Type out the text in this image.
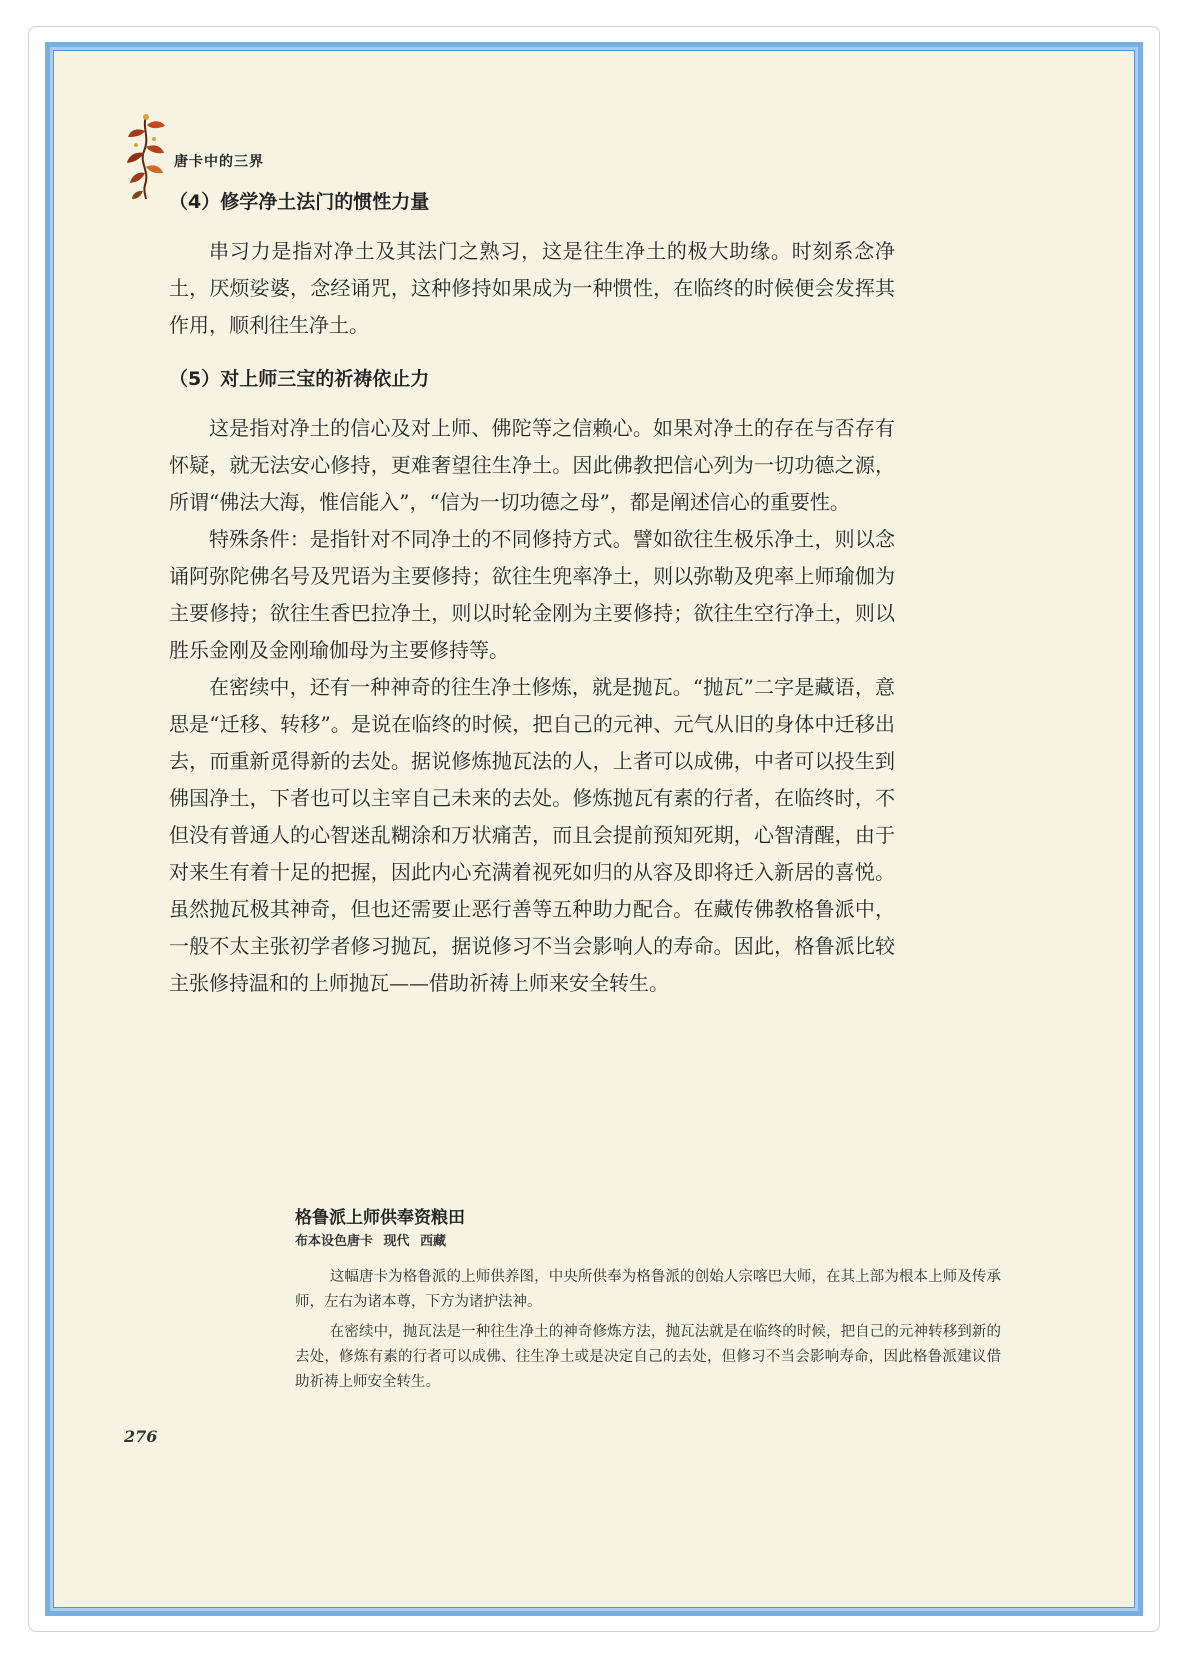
唐卡中的三界
（4）修学净土法门的惯性力量

串习力是指对净土及其法门之熟习，这是往生净土的极大助缘。时刻系念净土，厌烦娑婆，念经诵咒，这种修持如果成为一种惯性，在临终的时候便会发挥其作用，顺利往生净土。

（5）对上师三宝的祈祷依止力

这是指对净土的信心及对上师、佛陀等之信赖心。如果对净土的存在与否存有怀疑，就无法安心修持，更难奢望往生净土。因此佛教把信心列为一切功德之源，所谓“佛法大海，惟信能入”，“信为一切功德之母”，都是阐述信心的重要性。

特殊条件：是指针对不同净土的不同修持方式。譬如欲往生极乐净土，则以念诵阿弥陀佛名号及咒语为主要修持；欲往生兜率净土，则以弥勒及兜率上师瑜伽为主要修持；欲往生香巴拉净土，则以时轮金刚为主要修持；欲往生空行净土，则以胜乐金刚及金刚瑜伽母为主要修持等。

在密续中，还有一种神奇的往生净土修炼，就是抛瓦。“抛瓦”二字是藏语，意思是“迁移、转移”。是说在临终的时候，把自己的元神、元气从旧的身体中迁移出去，而重新觅得新的去处。据说修炼抛瓦法的人，上者可以成佛，中者可以投生到佛国净土，下者也可以主宰自己未来的去处。修炼抛瓦有素的行者，在临终时，不但没有普通人的心智迷乱糊涂和万状痛苦，而且会提前预知死期，心智清醒，由于对来生有着十足的把握，因此内心充满着视死如归的从容及即将迁入新居的喜悦。虽然抛瓦极其神奇，但也还需要止恶行善等五种助力配合。在藏传佛教格鲁派中，一般不太主张初学者修习抛瓦，据说修习不当会影响人的寿命。因此，格鲁派比较主张修持温和的上师抛瓦——借助祈祷上师来安全转生。

格鲁派上师供奉资粮田
布本设色唐卡 现代 西藏

这幅唐卡为格鲁派的上师供养图，中央所供奉为格鲁派的创始人宗喀巴大师，在其上部为根本上师及传承师，左右为诸本尊，下方为诸护法神。

在密续中，抛瓦法是一种往生净土的神奇修炼方法，抛瓦法就是在临终的时候，把自己的元神转移到新的去处，修炼有素的行者可以成佛、往生净土或是决定自己的去处，但修习不当会影响寿命，因此格鲁派建议借助祈祷上师安全转生。

276
